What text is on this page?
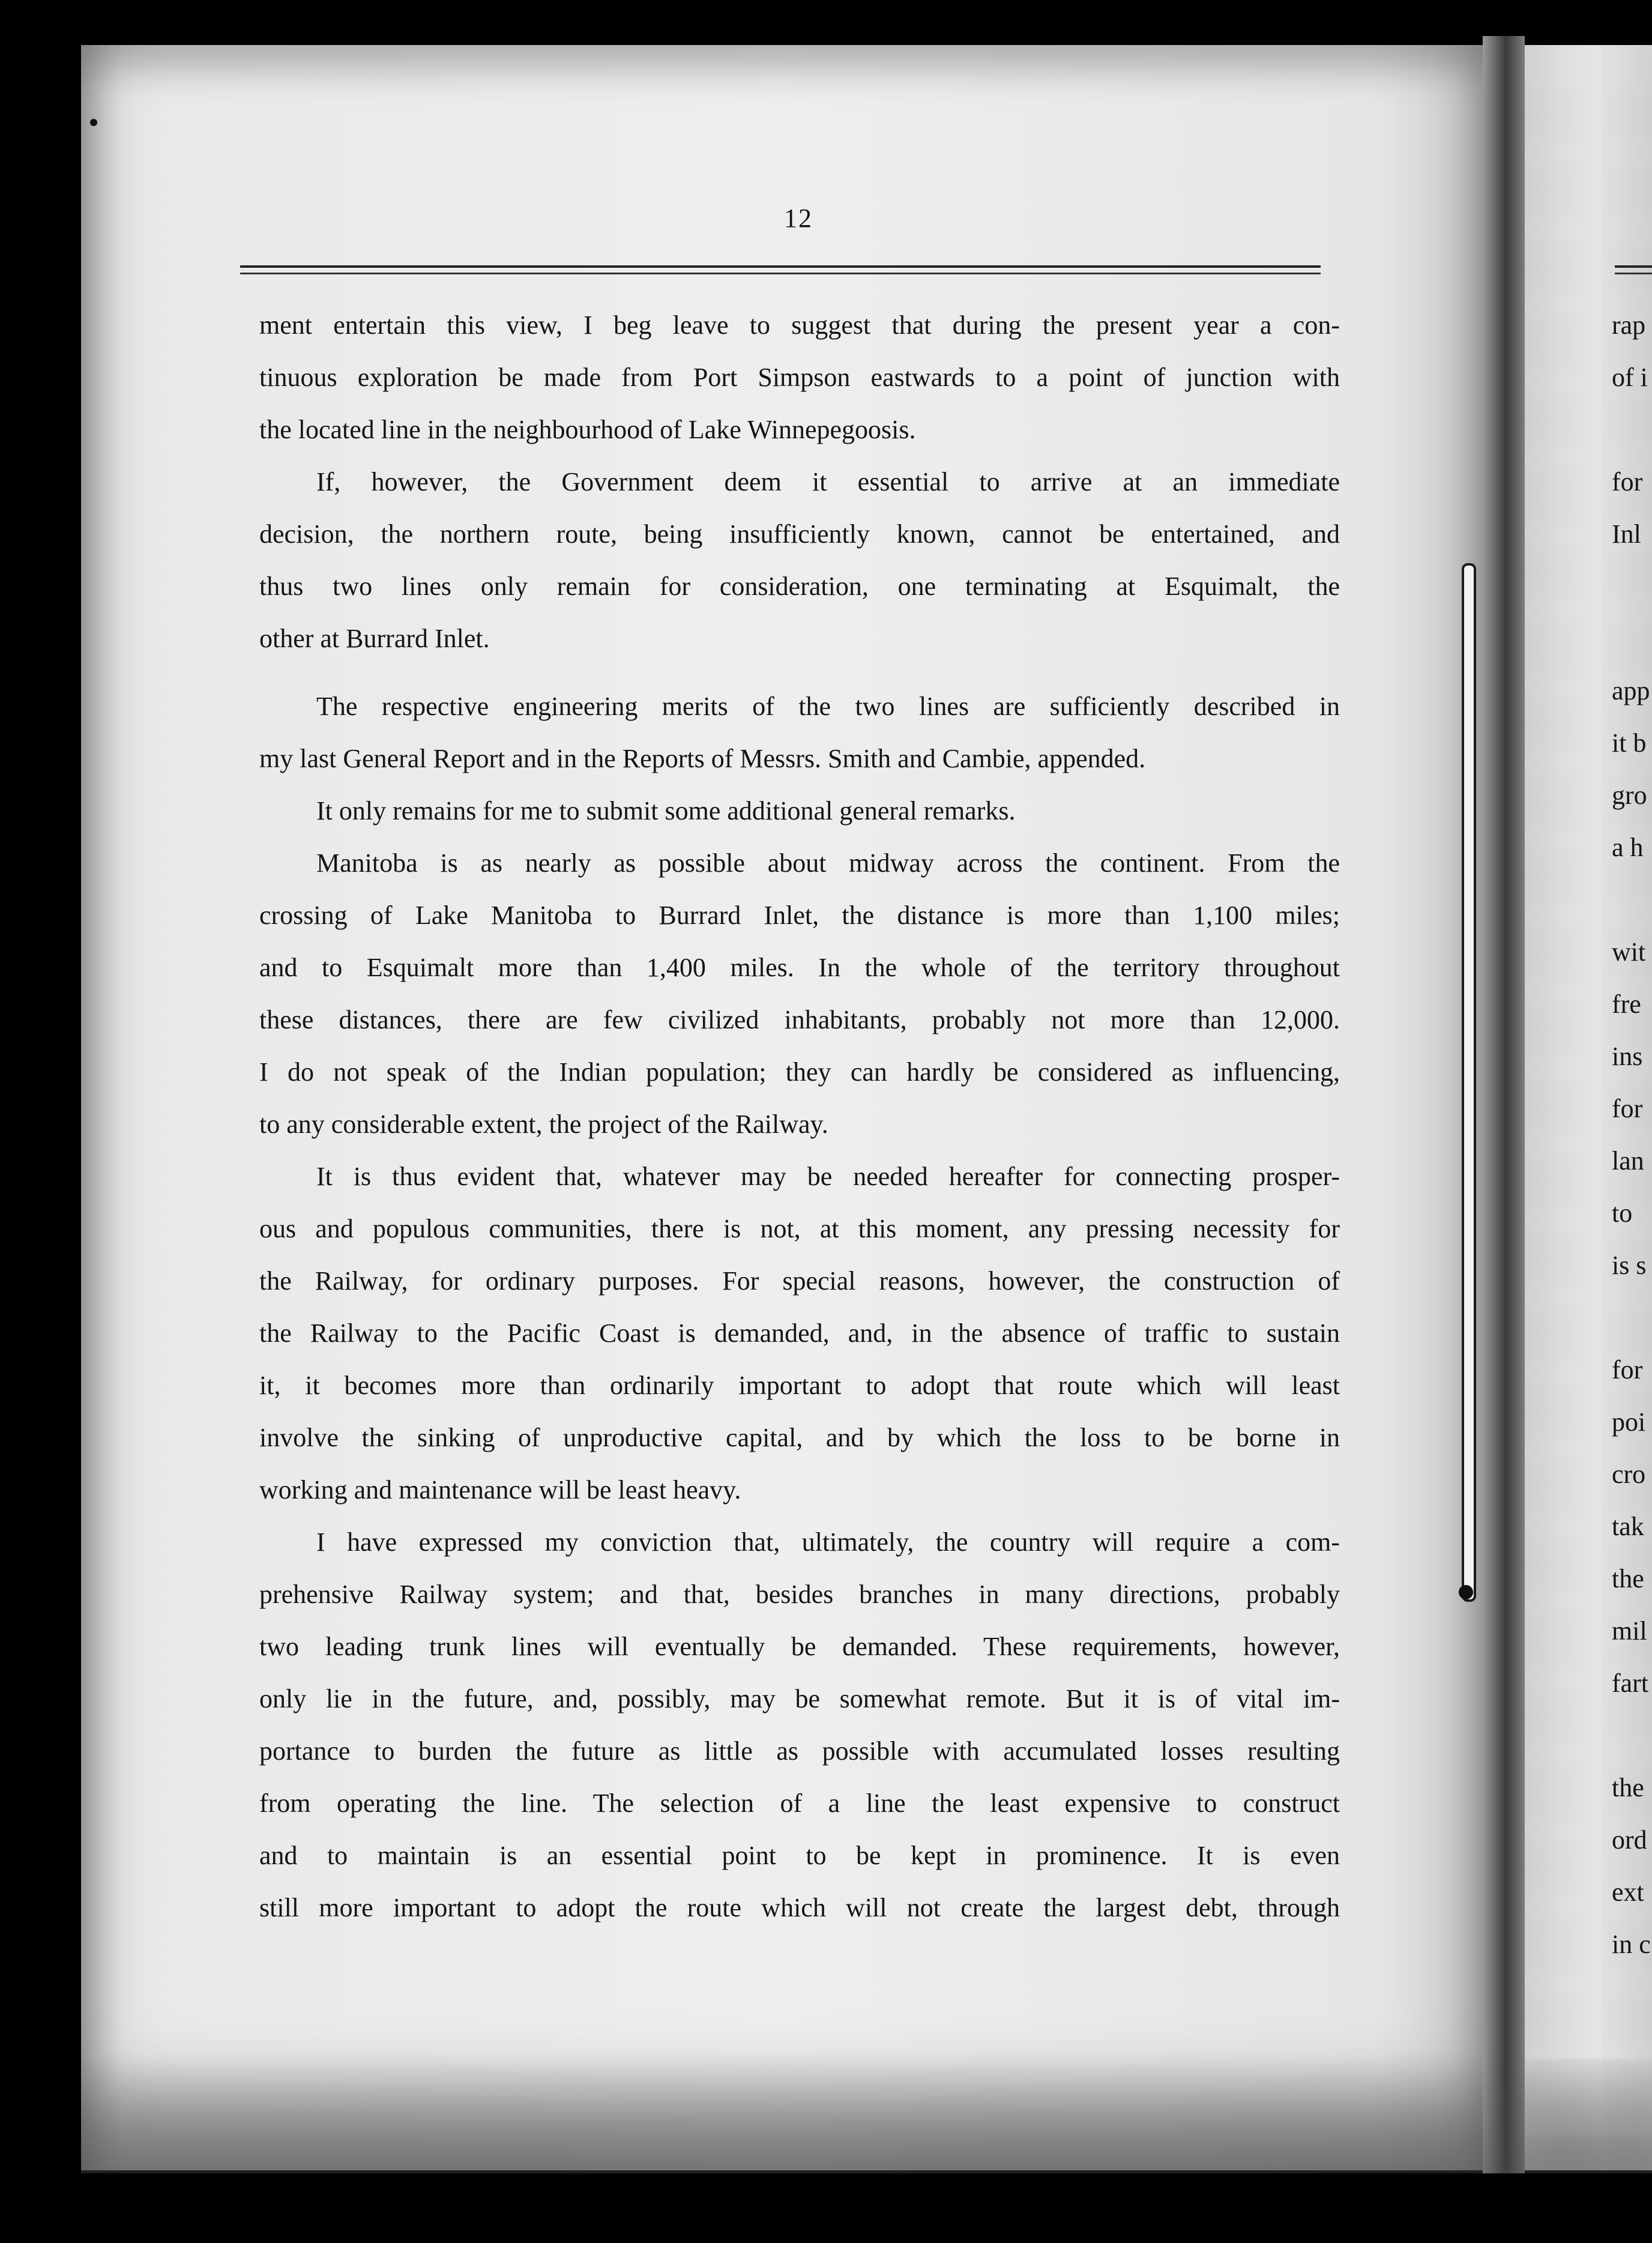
12
ment entertain this view, I beg leave to suggest that during the present year a con-
tinuous exploration be made from Port Simpson eastwards to a point of junction with
the located line in the neighbourhood of Lake Winnepegoosis.
If, however, the Government deem it essential to arrive at an immediate
decision, the northern route, being insufficiently known, cannot be entertained, and
thus two lines only remain for consideration, one terminating at Esquimalt, the
other at Burrard Inlet.
The respective engineering merits of the two lines are sufficiently described in
my last General Report and in the Reports of Messrs. Smith and Cambie, appended.
It only remains for me to submit some additional general remarks.
Manitoba is as nearly as possible about midway across the continent. From the
crossing of Lake Manitoba to Burrard Inlet, the distance is more than 1,100 miles;
and to Esquimalt more than 1,400 miles. In the whole of the territory throughout
these distances, there are few civilized inhabitants, probably not more than 12,000.
I do not speak of the Indian population; they can hardly be considered as influencing,
to any considerable extent, the project of the Railway.
It is thus evident that, whatever may be needed hereafter for connecting prosper-
ous and populous communities, there is not, at this moment, any pressing necessity for
the Railway, for ordinary purposes. For special reasons, however, the construction of
the Railway to the Pacific Coast is demanded, and, in the absence of traffic to sustain
it, it becomes more than ordinarily important to adopt that route which will least
involve the sinking of unproductive capital, and by which the loss to be borne in
working and maintenance will be least heavy.
I have expressed my conviction that, ultimately, the country will require a com-
prehensive Railway system; and that, besides branches in many directions, probably
two leading trunk lines will eventually be demanded. These requirements, however,
only lie in the future, and, possibly, may be somewhat remote. But it is of vital im-
portance to burden the future as little as possible with accumulated losses resulting
from operating the line. The selection of a line the least expensive to construct
and to maintain is an essential point to be kept in prominence. It is even
still more important to adopt the route which will not create the largest debt, through
rap
of i
for
Inl
app
it b
gro
a h
wit
fre
ins
for
lan
to
is s
for
poi
cro
tak
the
mil
fart
the
ord
ext
in c
